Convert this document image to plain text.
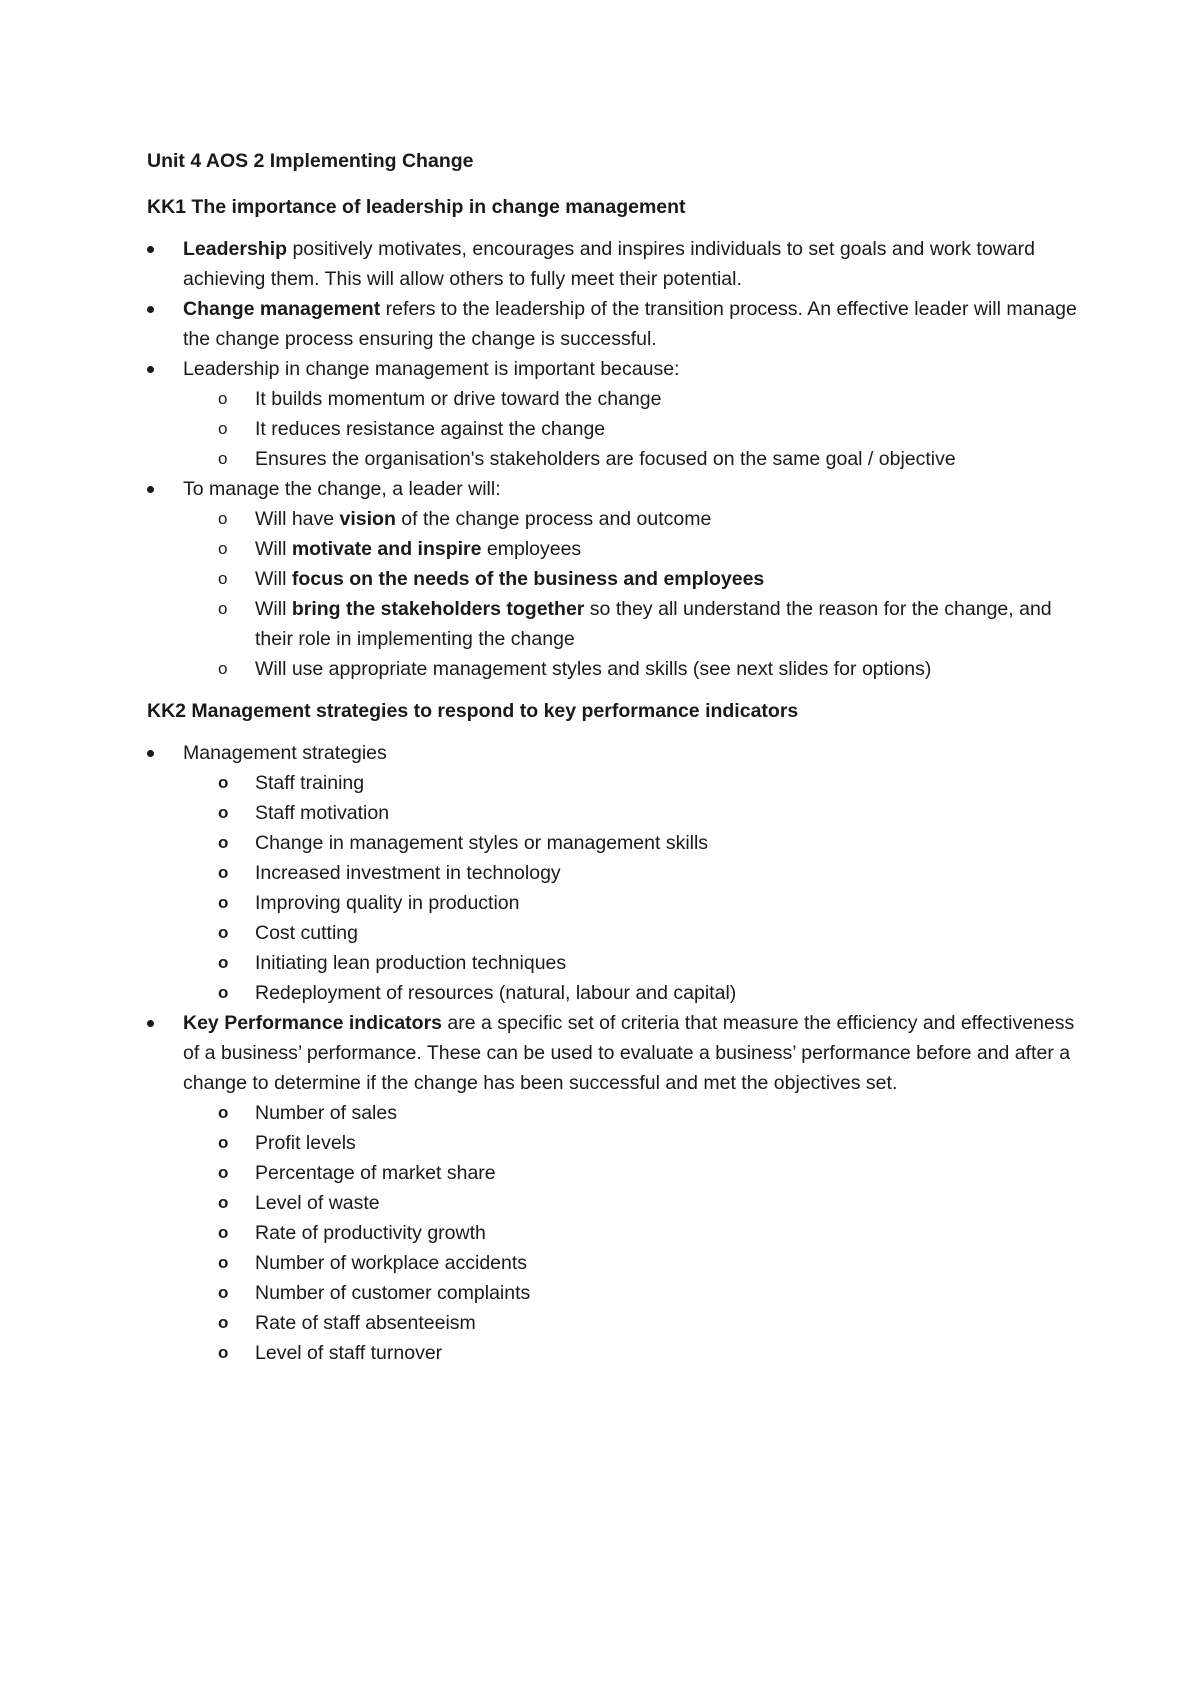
Unit 4 AOS 2 Implementing Change

KK1 The importance of leadership in change management

Leadership positively motivates, encourages and inspires individuals to set goals and work toward achieving them. This will allow others to fully meet their potential.
Change management refers to the leadership of the transition process. An effective leader will manage the change process ensuring the change is successful.
Leadership in change management is important because:
o It builds momentum or drive toward the change
o It reduces resistance against the change
o Ensures the organisation's stakeholders are focused on the same goal / objective
To manage the change, a leader will:
o Will have vision of the change process and outcome
o Will motivate and inspire employees
o Will focus on the needs of the business and employees
o Will bring the stakeholders together so they all understand the reason for the change, and their role in implementing the change
o Will use appropriate management styles and skills (see next slides for options)

KK2 Management strategies to respond to key performance indicators

Management strategies
o Staff training
o Staff motivation
o Change in management styles or management skills
o Increased investment in technology
o Improving quality in production
o Cost cutting
o Initiating lean production techniques
o Redeployment of resources (natural, labour and capital)
Key Performance indicators are a specific set of criteria that measure the efficiency and effectiveness of a business’ performance. These can be used to evaluate a business’ performance before and after a change to determine if the change has been successful and met the objectives set.
o Number of sales
o Profit levels
o Percentage of market share
o Level of waste
o Rate of productivity growth
o Number of workplace accidents
o Number of customer complaints
o Rate of staff absenteeism
o Level of staff turnover
